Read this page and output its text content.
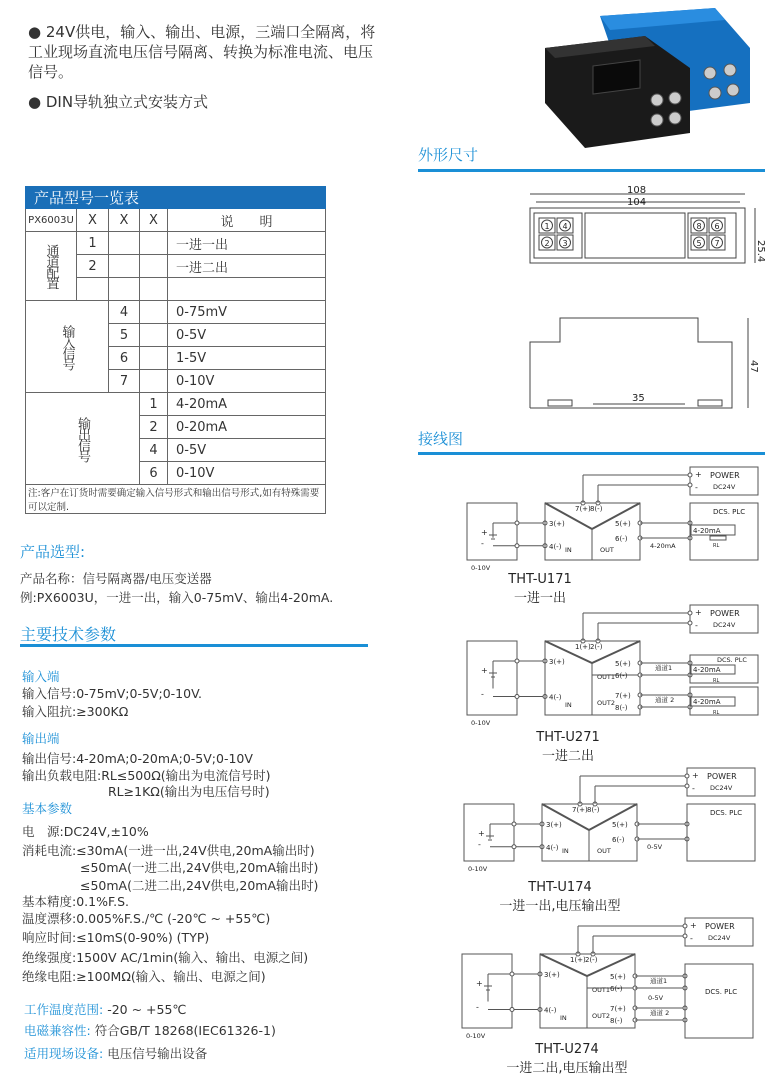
● 24V供电，输入、输出、电源，三端口全隔离，将
工业现场直流电压信号隔离、转换为标准电流、电压
信号。
● DIN导轨独立式安装方式
外形尺寸
108
104
1
2 3
4	8 6
5 7	25.4
35
47
接线图
POWER
DC24V
+
-
0-10V
+
-
7(+) 8(-)
3(+)
4(-) IN
5(+)
6(-)
OUT	4-20mA
DCS. PLC
4-20mA
RL
THT-U171
一进一出
POWER
DC24V
+
-
0-10V
+
-
1(+) 2(-)
3(+)
4(-)
IN
5(+)
6(-)
7(+)
8(-)
OUT1
OUT2
通道1
通道 2
4-20mA
RL
4-20mA
RL
DCS. PLC
THT-U271
一进二出
POWER
DC24V
+
-
0-10V
+
-
7(+) 8(-)
3(+)
4(-) IN
5(+)
6(-)
OUT	0-5V
DCS. PLC
THT-U174
一进一出,电压输出型
POWER
DC24V
+
-
0-10V
+
-
1(+) 2(-)
3(+)
4(-)
IN
5(+)
6(-)
7(+)
8(-)
OUT1
OUT2
通道1
通道 2
DCS. PLC
0-5V
THT-U274
一进二出,电压输出型
产品型号一览表				
PX6003U	X	X	X	说　　明
通道配置	1			一进一出
	2			一进二出

输入信号		4		0-75mV
		5		0-5V
		6		1-5V
		7		0-10V
输出信号			1	4-20mA
			2	0-20mA
			4	0-5V
			6	0-10V
注:客户在订货时需要确定输入信号形式和输出信号形式,如有特殊需要可以定制.				
产品选型:
产品名称：信号隔离器/电压变送器
例:PX6003U，一进一出，输入0-75mV、输出4-20mA.
主要技术参数
输入端
输入信号:0-75mV;0-5V;0-10V.
输入阻抗:≥300KΩ
输出端
输出信号:4-20mA;0-20mA;0-5V;0-10V
输出负载电阻:RL≤500Ω(输出为电流信号时)
RL≥1KΩ(输出为电压信号时)
基本参数
电　源:DC24V,±10%
消耗电流:≤30mA(一进一出,24V供电,20mA输出时)
≤50mA(一进二出,24V供电,20mA输出时)
≤50mA(二进二出,24V供电,20mA输出时)
基本精度:0.1%F.S.
温度漂移:0.005%F.S./℃ (-20℃ ~ +55℃)
响应时间:≤10mS(0-90%) (TYP)
绝缘强度:1500V AC/1min(输入、输出、电源之间)
绝缘电阻:≥100MΩ(输入、输出、电源之间)
工作温度范围: -20 ~ +55℃
电磁兼容性: 符合GB/T 18268(IEC61326-1)
适用现场设备: 电压信号输出设备
